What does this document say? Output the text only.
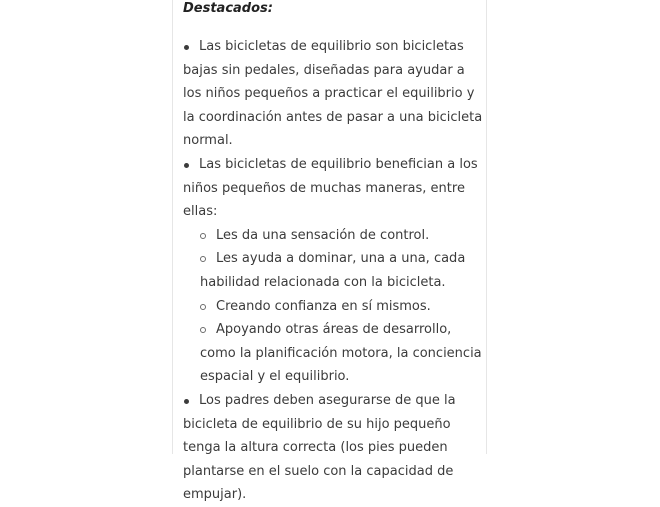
Destacados:

Las bicicletas de equilibrio son bicicletas bajas sin pedales, diseñadas para ayudar a los niños pequeños a practicar el equilibrio y la coordinación antes de pasar a una bicicleta normal.
Las bicicletas de equilibrio benefician a los niños pequeños de muchas maneras, entre ellas:
Les da una sensación de control.
Les ayuda a dominar, una a una, cada habilidad relacionada con la bicicleta.
Creando confianza en sí mismos.
Apoyando otras áreas de desarrollo, como la planificación motora, la conciencia espacial y el equilibrio.
Los padres deben asegurarse de que la bicicleta de equilibrio de su hijo pequeño tenga la altura correcta (los pies pueden plantarse en el suelo con la capacidad de empujar).
